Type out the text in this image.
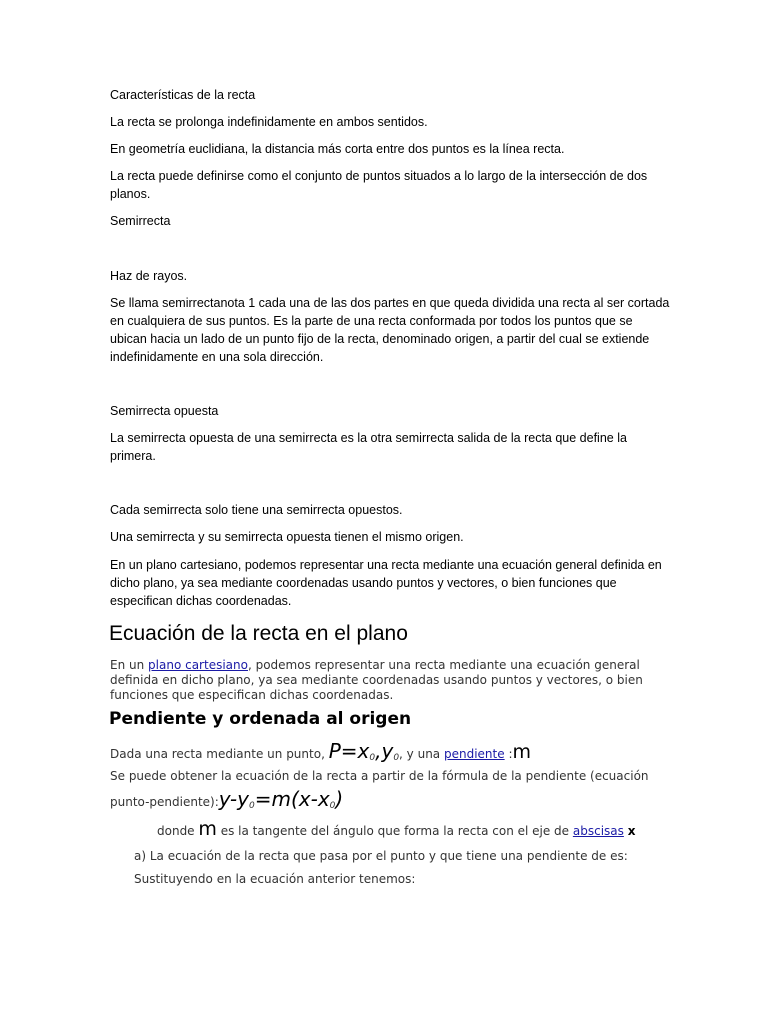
Características de la recta
La recta se prolonga indefinidamente en ambos sentidos.
En geometría euclidiana, la distancia más corta entre dos puntos es la línea recta.
La recta puede definirse como el conjunto de puntos situados a lo largo de la intersección de dos planos.
Semirrecta
Haz de rayos.
Se llama semirrectanota 1 cada una de las dos partes en que queda dividida una recta al ser cortada en cualquiera de sus puntos. Es la parte de una recta conformada por todos los puntos que se ubican hacia un lado de un punto fijo de la recta, denominado origen, a partir del cual se extiende indefinidamente en una sola dirección.
Semirrecta opuesta
La semirrecta opuesta de una semirrecta es la otra semirrecta salida de la recta que define la primera.
Cada semirrecta solo tiene una semirrecta opuestos.
Una semirrecta y su semirrecta opuesta tienen el mismo origen.
En un plano cartesiano, podemos representar una recta mediante una ecuación general definida en dicho plano, ya sea mediante coordenadas usando puntos y vectores, o bien funciones que especifican dichas coordenadas.
Ecuación de la recta en el plano
En un plano cartesiano, podemos representar una recta mediante una ecuación general definida en dicho plano, ya sea mediante coordenadas usando puntos y vectores, o bien funciones que especifican dichas coordenadas.
Pendiente y ordenada al origen
Dada una recta mediante un punto, $P=x_0,y_0$, y una pendiente :m
Se puede obtener la ecuación de la recta a partir de la fórmula de la pendiente (ecuación
punto-$pendiente):y-y_0=m(x-x_0)$
donde m es la tangente del ángulo que forma la recta con el eje de abscisas x
a) La ecuación de la recta que pasa por el punto y que tiene una pendiente de es:
Sustituyendo en la ecuación anterior tenemos:
